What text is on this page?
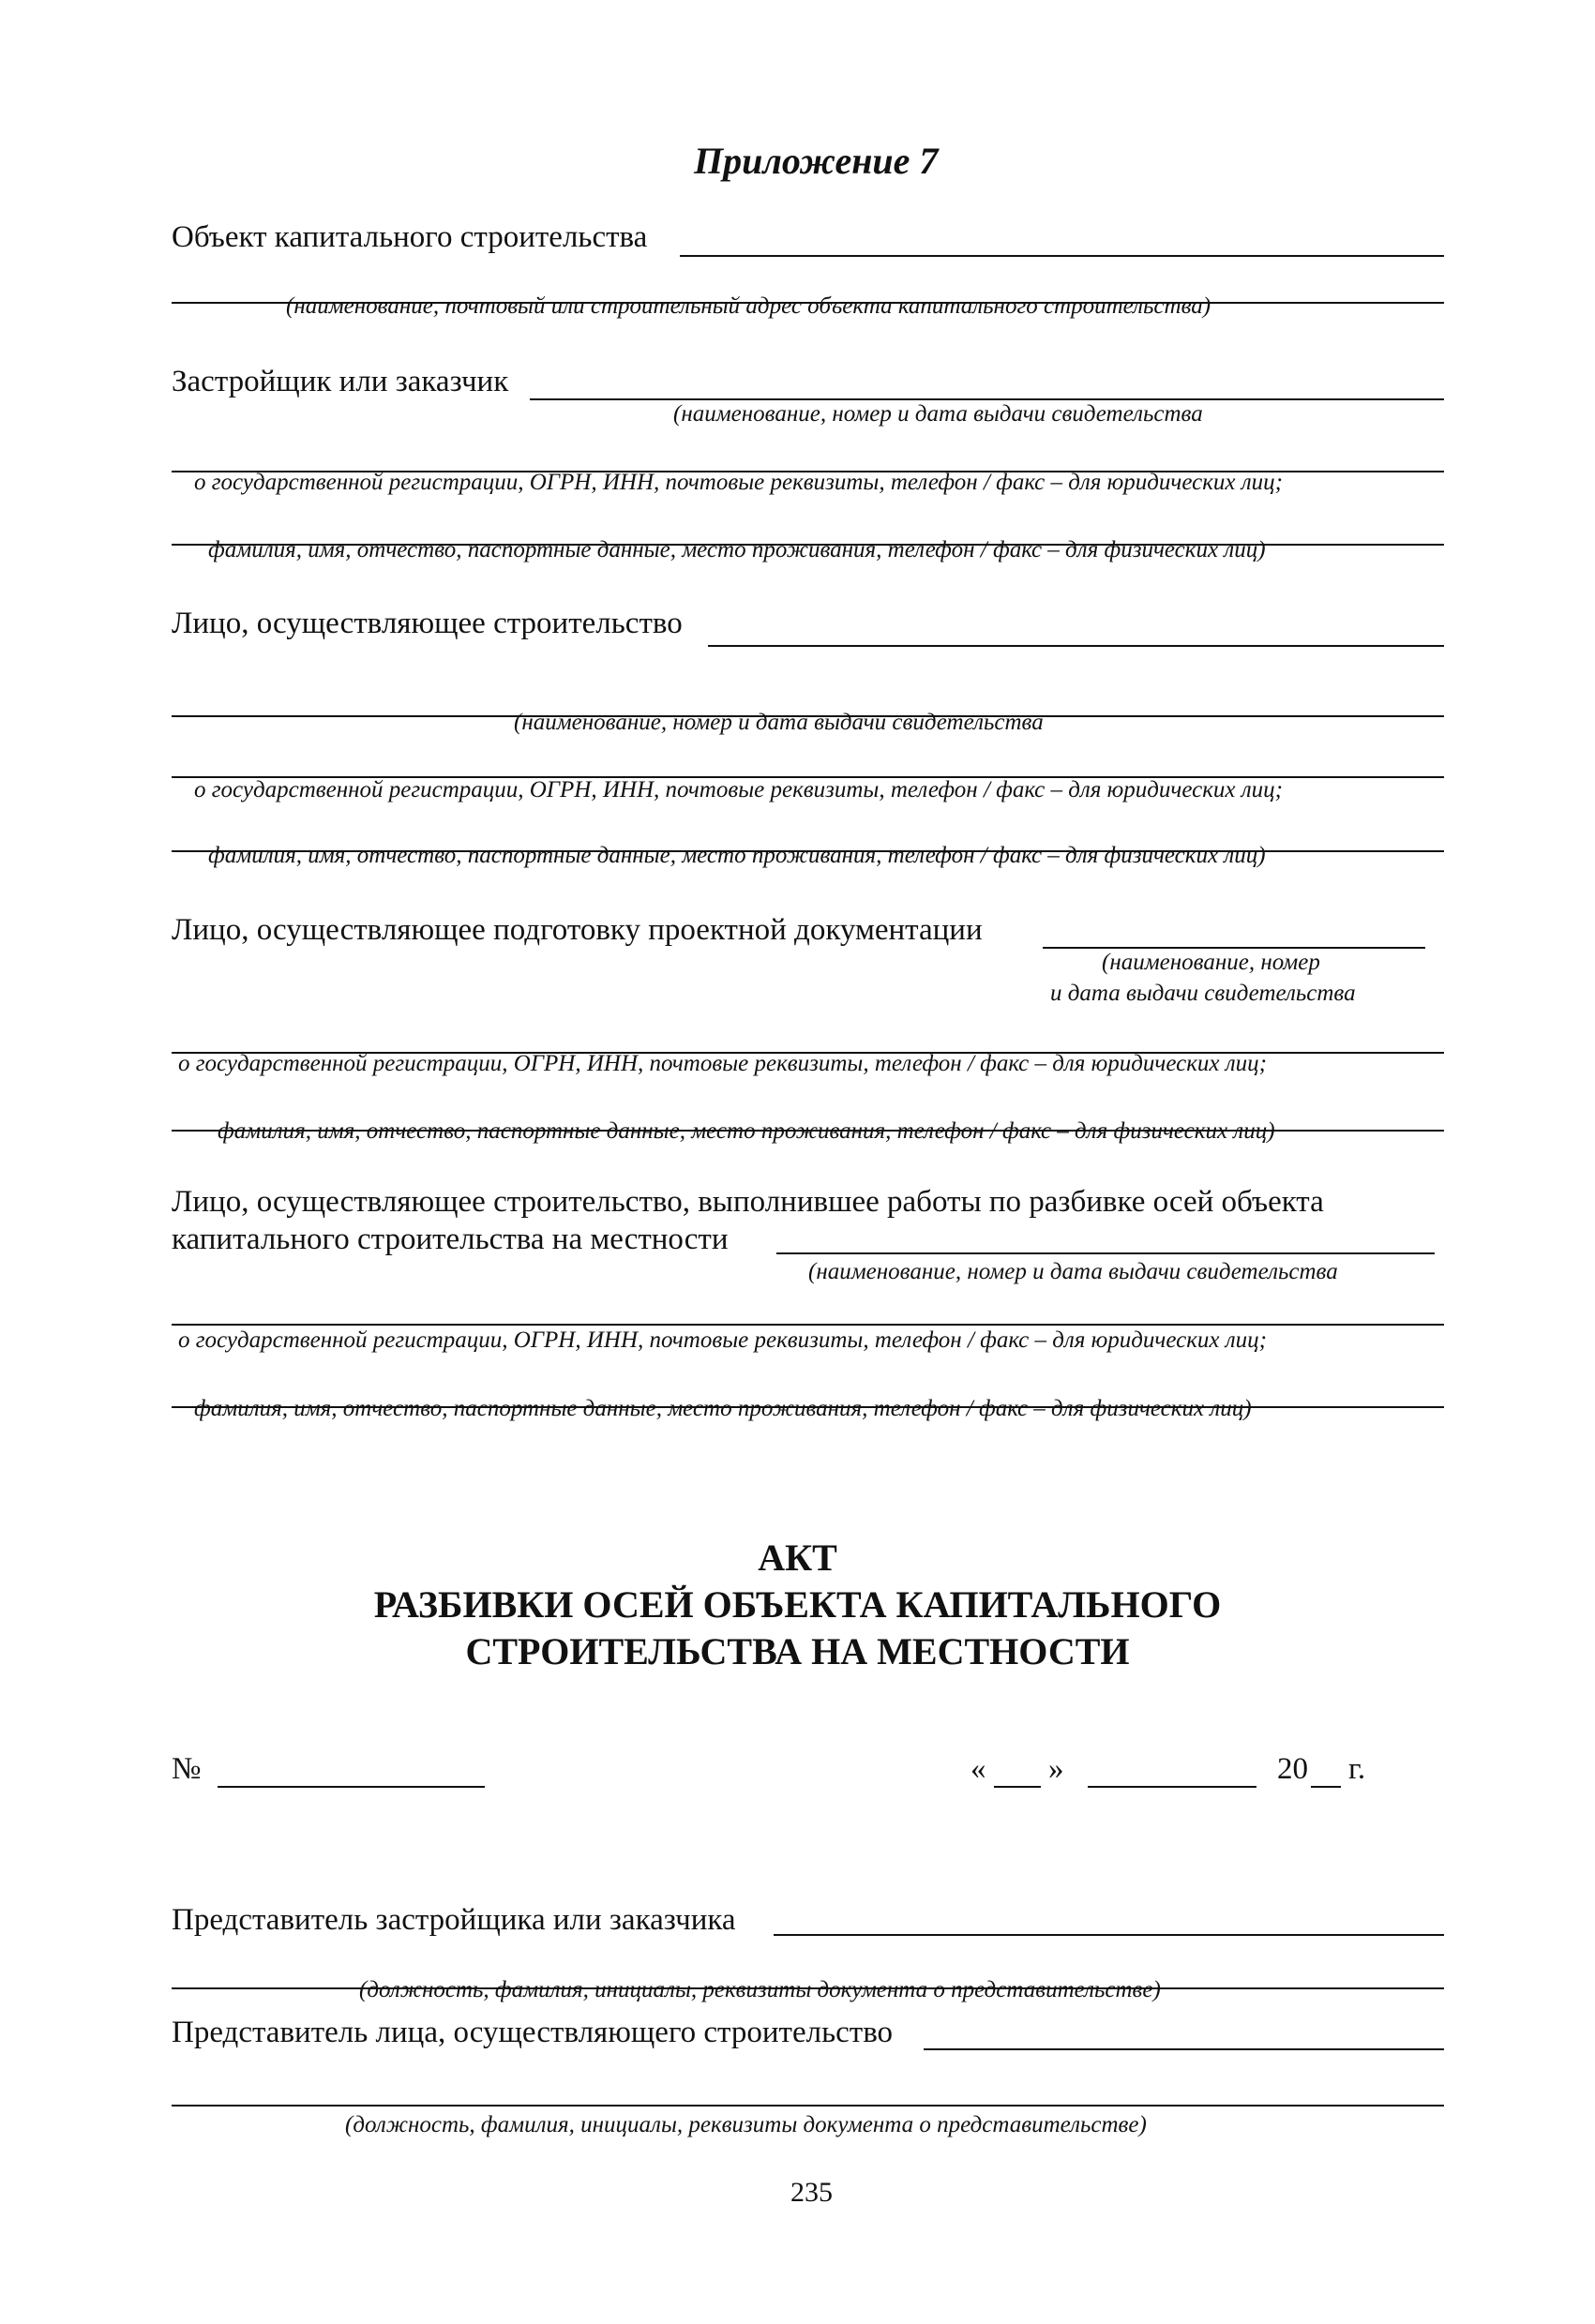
Приложение 7
Объект капитального строительства
(наименование, почтовый или строительный адрес объекта капитального строительства)
Застройщик или заказчик
(наименование, номер и дата выдачи свидетельства
о государственной регистрации, ОГРН, ИНН, почтовые реквизиты, телефон / факс – для юридических лиц;
фамилия, имя, отчество, паспортные данные, место проживания, телефон / факс – для физических лиц)
Лицо, осуществляющее строительство
(наименование, номер и дата выдачи свидетельства
о государственной регистрации, ОГРН, ИНН, почтовые реквизиты, телефон / факс – для юридических лиц;
фамилия, имя, отчество, паспортные данные, место проживания, телефон / факс – для физических лиц)
Лицо, осуществляющее подготовку проектной документации
(наименование, номер
и дата выдачи свидетельства
о государственной регистрации, ОГРН, ИНН, почтовые реквизиты, телефон / факс – для юридических лиц;
фамилия, имя, отчество, паспортные данные, место проживания, телефон / факс – для физических лиц)
Лицо, осуществляющее строительство, выполнившее работы по разбивке осей объекта
капитального строительства на местности
(наименование, номер и дата выдачи свидетельства
о государственной регистрации, ОГРН, ИНН, почтовые реквизиты, телефон / факс – для юридических лиц;
фамилия, имя, отчество, паспортные данные, место проживания, телефон / факс – для физических лиц)
АКТ
РАЗБИВКИ ОСЕЙ ОБЪЕКТА КАПИТАЛЬНОГО
СТРОИТЕЛЬСТВА НА МЕСТНОСТИ
№	« »	20 г.
Представитель застройщика или заказчика
(должность, фамилия, инициалы, реквизиты документа о представительстве)
Представитель лица, осуществляющего строительство
(должность, фамилия, инициалы, реквизиты документа о представительстве)
235
